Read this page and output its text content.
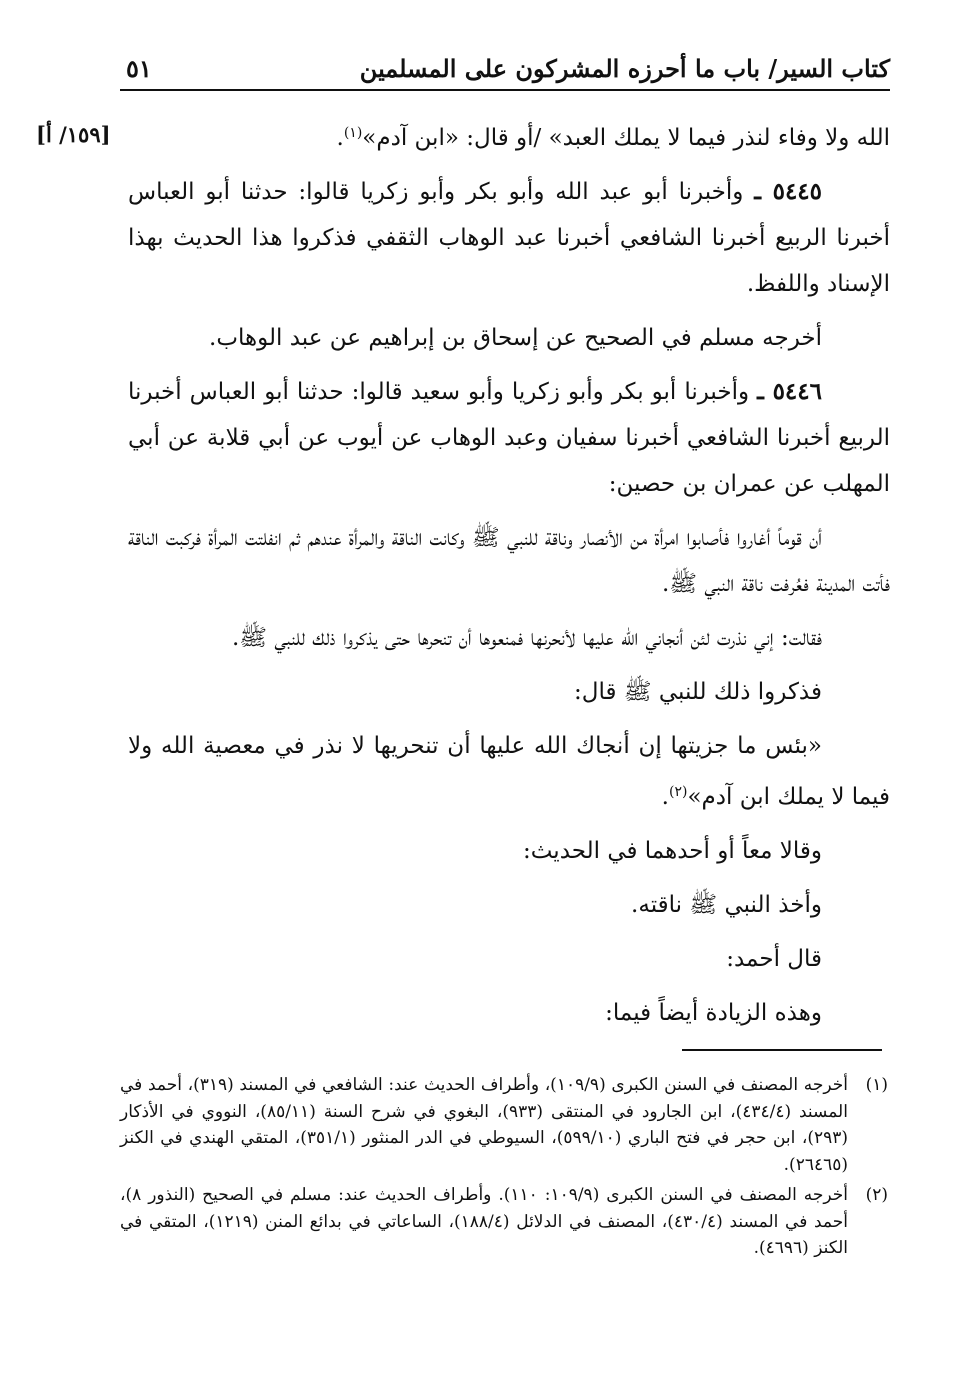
كتاب السير/ باب ما أحرزه المشركون على المسلمين
٥١
[١٥٩/ أ]	الله ولا وفاء لنذر فيما لا يملك العبد» /أو قال: «ابن آدم»$^{(١)}$.

٥٤٤٥ ـ وأخبرنا أبو عبد الله وأبو بكر وأبو زكريا قالوا: حدثنا أبو العباس أخبرنا الربيع أخبرنا الشافعي أخبرنا عبد الوهاب الثقفي فذكروا هذا الحديث بهذا الإسناد واللفظ.

أخرجه مسلم في الصحيح عن إسحاق بن إبراهيم عن عبد الوهاب.

٥٤٤٦ ـ وأخبرنا أبو بكر وأبو زكريا وأبو سعيد قالوا: حدثنا أبو العباس أخبرنا الربيع أخبرنا الشافعي أخبرنا سفيان وعبد الوهاب عن أيوب عن أبي قلابة عن أبي المهلب عن عمران بن حصين:

أن قوماً أغاروا فأصابوا امرأة من الأنصار وناقة للنبي ﷺ وكانت الناقة والمرأة عندهم ثم انفلتت المرأة فركبت الناقة فأتت المدينة فعُرفت ناقة النبي ﷺ.

فقالت: إني نذرت لئن أنجاني الله عليها لأنحرنها فمنعوها أن تنحرها حتى يذكروا ذلك للنبي ﷺ.

فذكروا ذلك للنبي ﷺ قال:

«بئس ما جزيتها إن أنجاك الله عليها أن تنحريها لا نذر في معصية الله ولا فيما لا يملك ابن آدم»$^{(٢)}$.

وقالا معاً أو أحدهما في الحديث:

وأخذ النبي ﷺ ناقته.

قال أحمد:

وهذه الزيادة أيضاً فيما:

(١)
أخرجه المصنف في السنن الكبرى (١٠٩/٩)، وأطراف الحديث عند: الشافعي في المسند (٣١٩)، أحمد في المسند (٤٣٤/٤)، ابن الجارود في المنتقى (٩٣٣)، البغوي في شرح السنة (٨٥/١١)، النووي في الأذكار (٢٩٣)، ابن حجر في فتح الباري (٥٩٩/١٠)، السيوطي في الدر المنثور (٣٥١/١)، المتقي الهندي في الكنز (٢٦٤٦٥).

(٢)
أخرجه المصنف في السنن الكبرى (١٠٩/٩: ١١٠). وأطراف الحديث عند: مسلم في الصحيح (النذور ٨)، أحمد في المسند (٤٣٠/٤)، المصنف في الدلائل (١٨٨/٤)، الساعاتي في بدائع المنن (١٢١٩)، المتقي في الكنز (٤٦٩٦).
